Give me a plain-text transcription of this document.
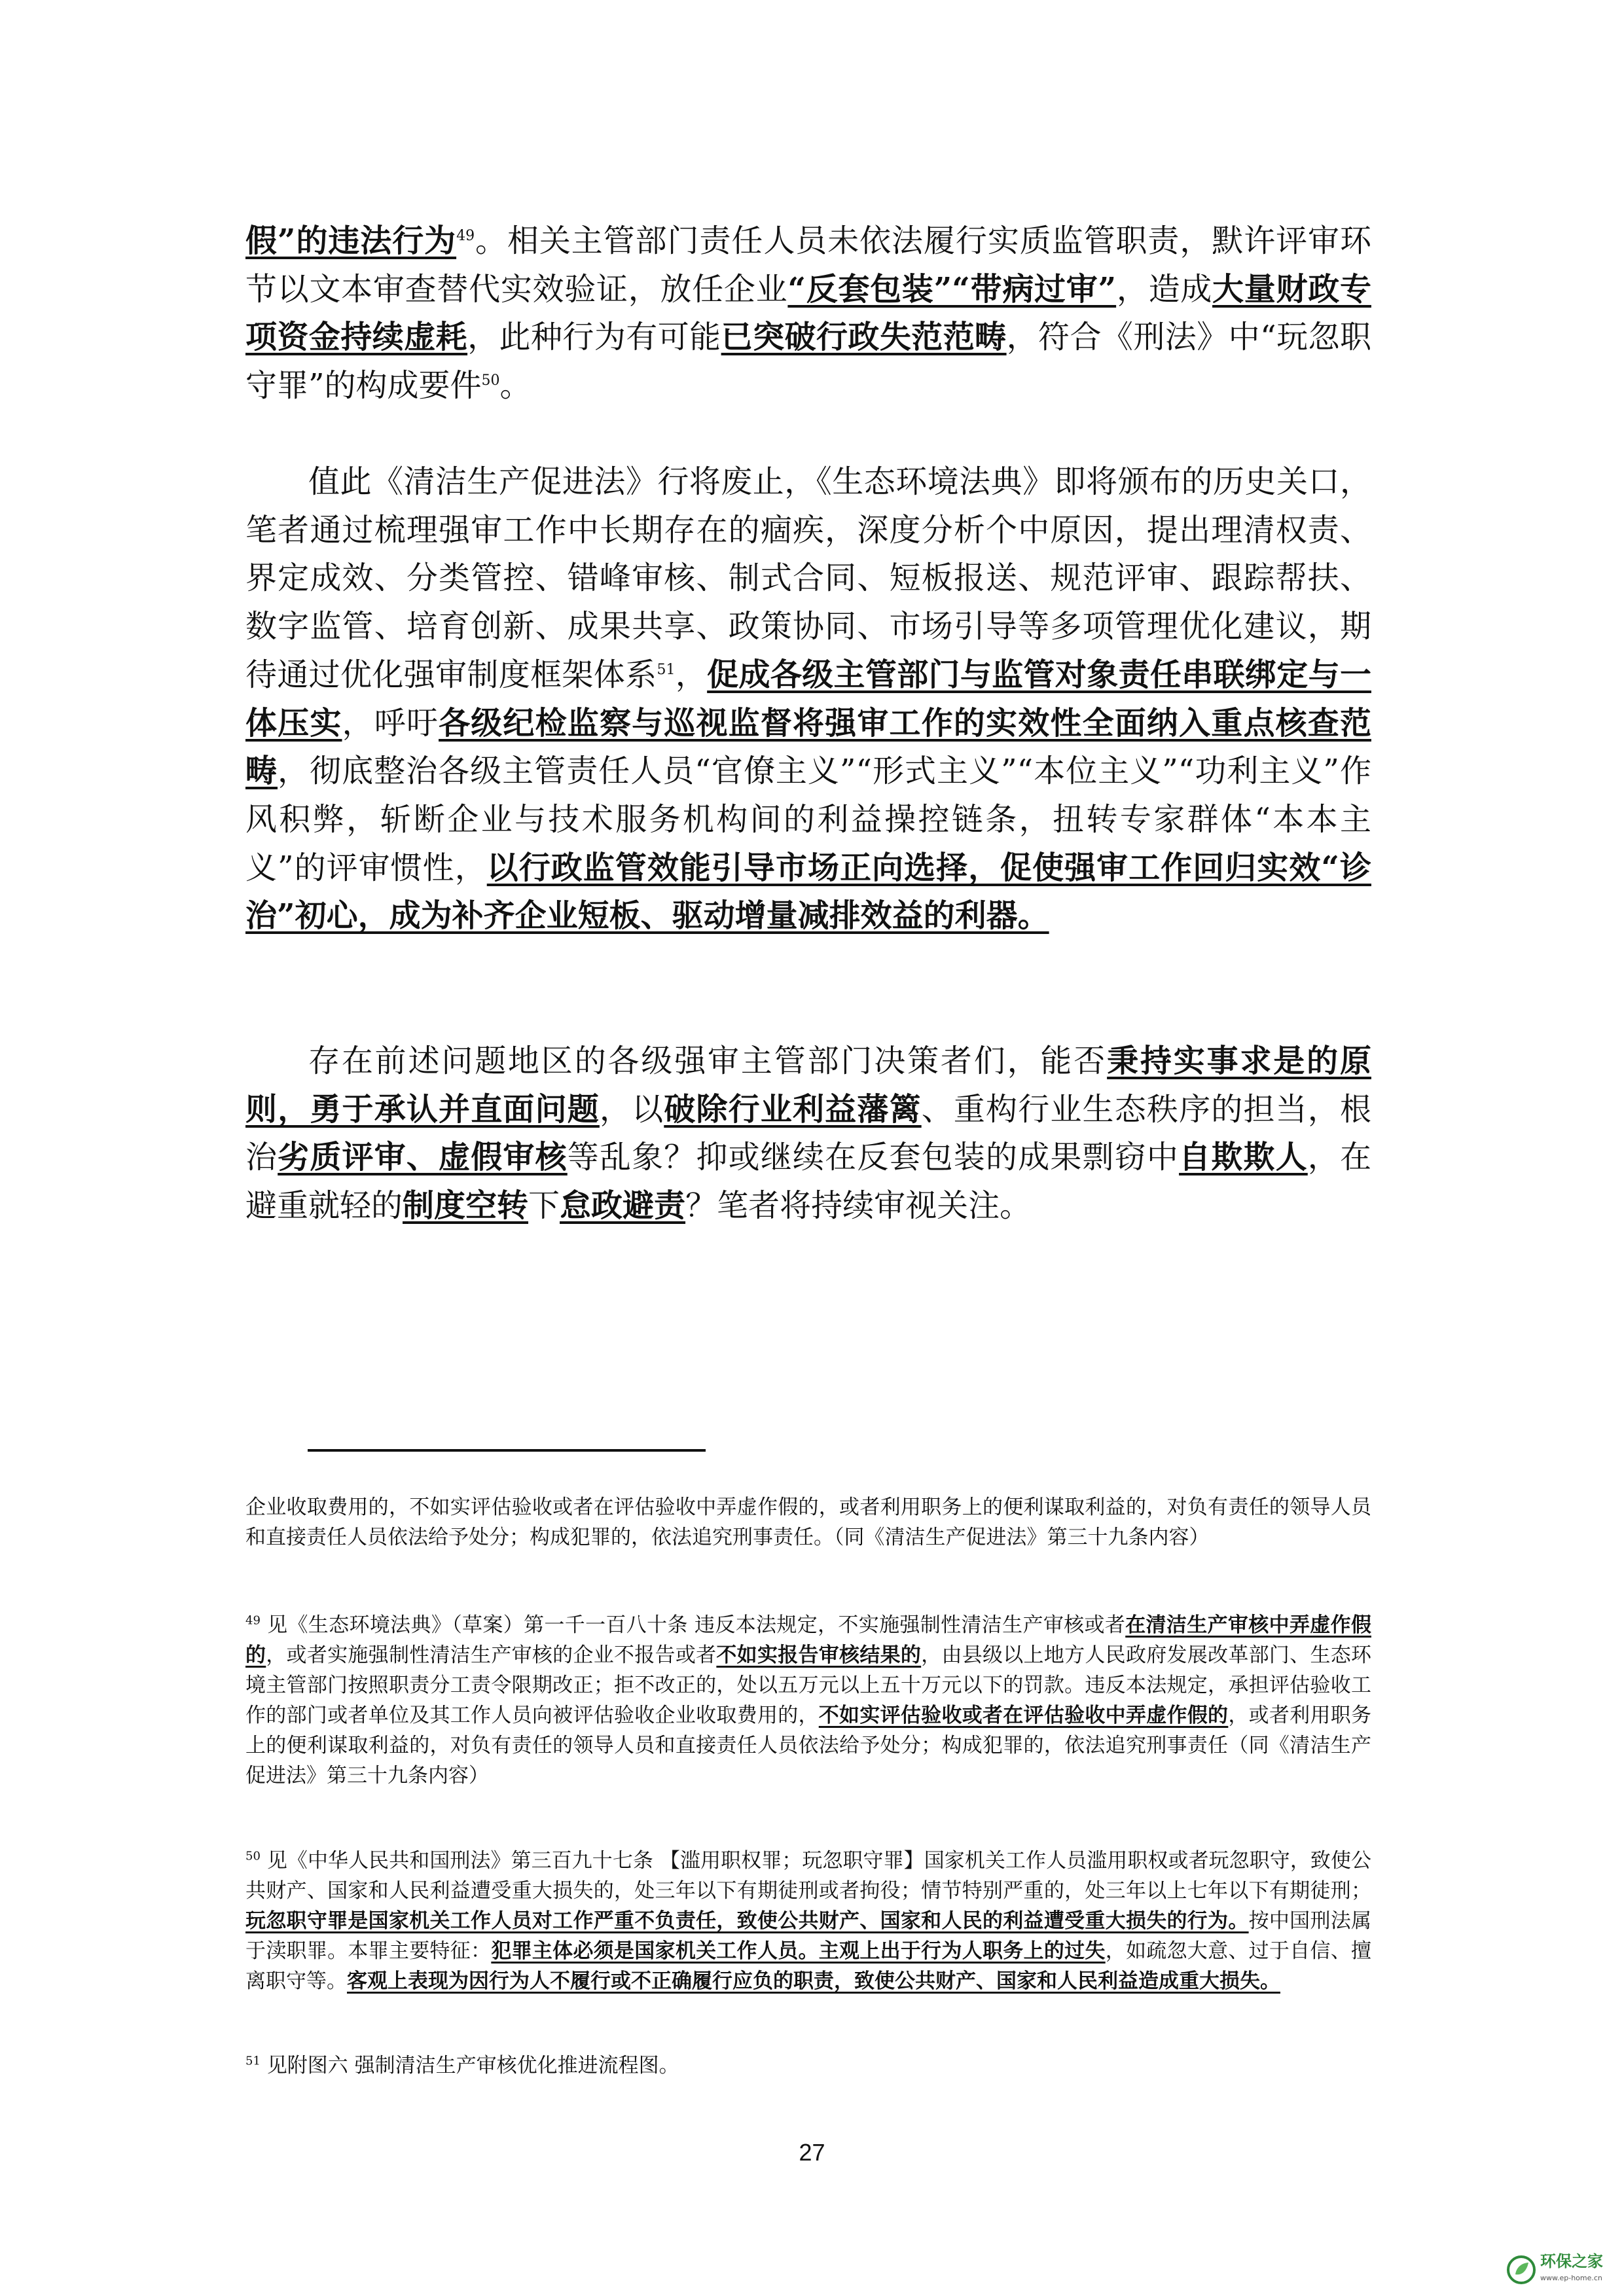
假”的违法行为$^{49}$。相关主管部门责任人员未依法履行实质监管职责，默许评审环节以文本审查替代实效验证，放任企业“反套包装”“带病过审”，造成大量财政专项资金持续虚耗，此种行为有可能已突破行政失范范畴，符合《刑法》中“玩忽职守罪”的构成要件$^{50}$。

值此《清洁生产促进法》行将废止，《生态环境法典》即将颁布的历史关口，笔者通过梳理强审工作中长期存在的痼疾，深度分析个中原因，提出理清权责、界定成效、分类管控、错峰审核、制式合同、短板报送、规范评审、跟踪帮扶、数字监管、培育创新、成果共享、政策协同、市场引导等多项管理优化建议，期待通过优化强审制度框架体系$^{51}$，促成各级主管部门与监管对象责任串联绑定与一体压实，呼吁各级纪检监察与巡视监督将强审工作的实效性全面纳入重点核查范畴，彻底整治各级主管责任人员“官僚主义”“形式主义”“本位主义”“功利主义”作风积弊，斩断企业与技术服务机构间的利益操控链条，扭转专家群体“本本主义”的评审惯性，以行政监管效能引导市场正向选择，促使强审工作回归实效“诊治”初心，成为补齐企业短板、驱动增量减排效益的利器。

存在前述问题地区的各级强审主管部门决策者们，能否秉持实事求是的原则，勇于承认并直面问题，以破除行业利益藩篱、重构行业生态秩序的担当，根治劣质评审、虚假审核等乱象？抑或继续在反套包装的成果剽窃中自欺欺人，在避重就轻的制度空转下怠政避责？笔者将持续审视关注。

企业收取费用的，不如实评估验收或者在评估验收中弄虚作假的，或者利用职务上的便利谋取利益的，对负有责任的领导人员和直接责任人员依法给予处分；构成犯罪的，依法追究刑事责任。（同《清洁生产促进法》第三十九条内容）

$^{49}$ 见《生态环境法典》（草案）第一千一百八十条 违反本法规定，不实施强制性清洁生产审核或者在清洁生产审核中弄虚作假的，或者实施强制性清洁生产审核的企业不报告或者不如实报告审核结果的，由县级以上地方人民政府发展改革部门、生态环境主管部门按照职责分工责令限期改正；拒不改正的，处以五万元以上五十万元以下的罚款。违反本法规定，承担评估验收工作的部门或者单位及其工作人员向被评估验收企业收取费用的，不如实评估验收或者在评估验收中弄虚作假的，或者利用职务上的便利谋取利益的，对负有责任的领导人员和直接责任人员依法给予处分；构成犯罪的，依法追究刑事责任（同《清洁生产促进法》第三十九条内容）

$^{50}$ 见《中华人民共和国刑法》第三百九十七条 【滥用职权罪；玩忽职守罪】国家机关工作人员滥用职权或者玩忽职守，致使公共财产、国家和人民利益遭受重大损失的，处三年以下有期徒刑或者拘役；情节特别严重的，处三年以上七年以下有期徒刑；玩忽职守罪是国家机关工作人员对工作严重不负责任，致使公共财产、国家和人民的利益遭受重大损失的行为。按中国刑法属于渎职罪。本罪主要特征：犯罪主体必须是国家机关工作人员。主观上出于行为人职务上的过失，如疏忽大意、过于自信、擅离职守等。客观上表现为因行为人不履行或不正确履行应负的职责，致使公共财产、国家和人民利益造成重大损失。

$^{51}$ 见附图六 强制清洁生产审核优化推进流程图。

27
环保之家
www.ep-home.cn
